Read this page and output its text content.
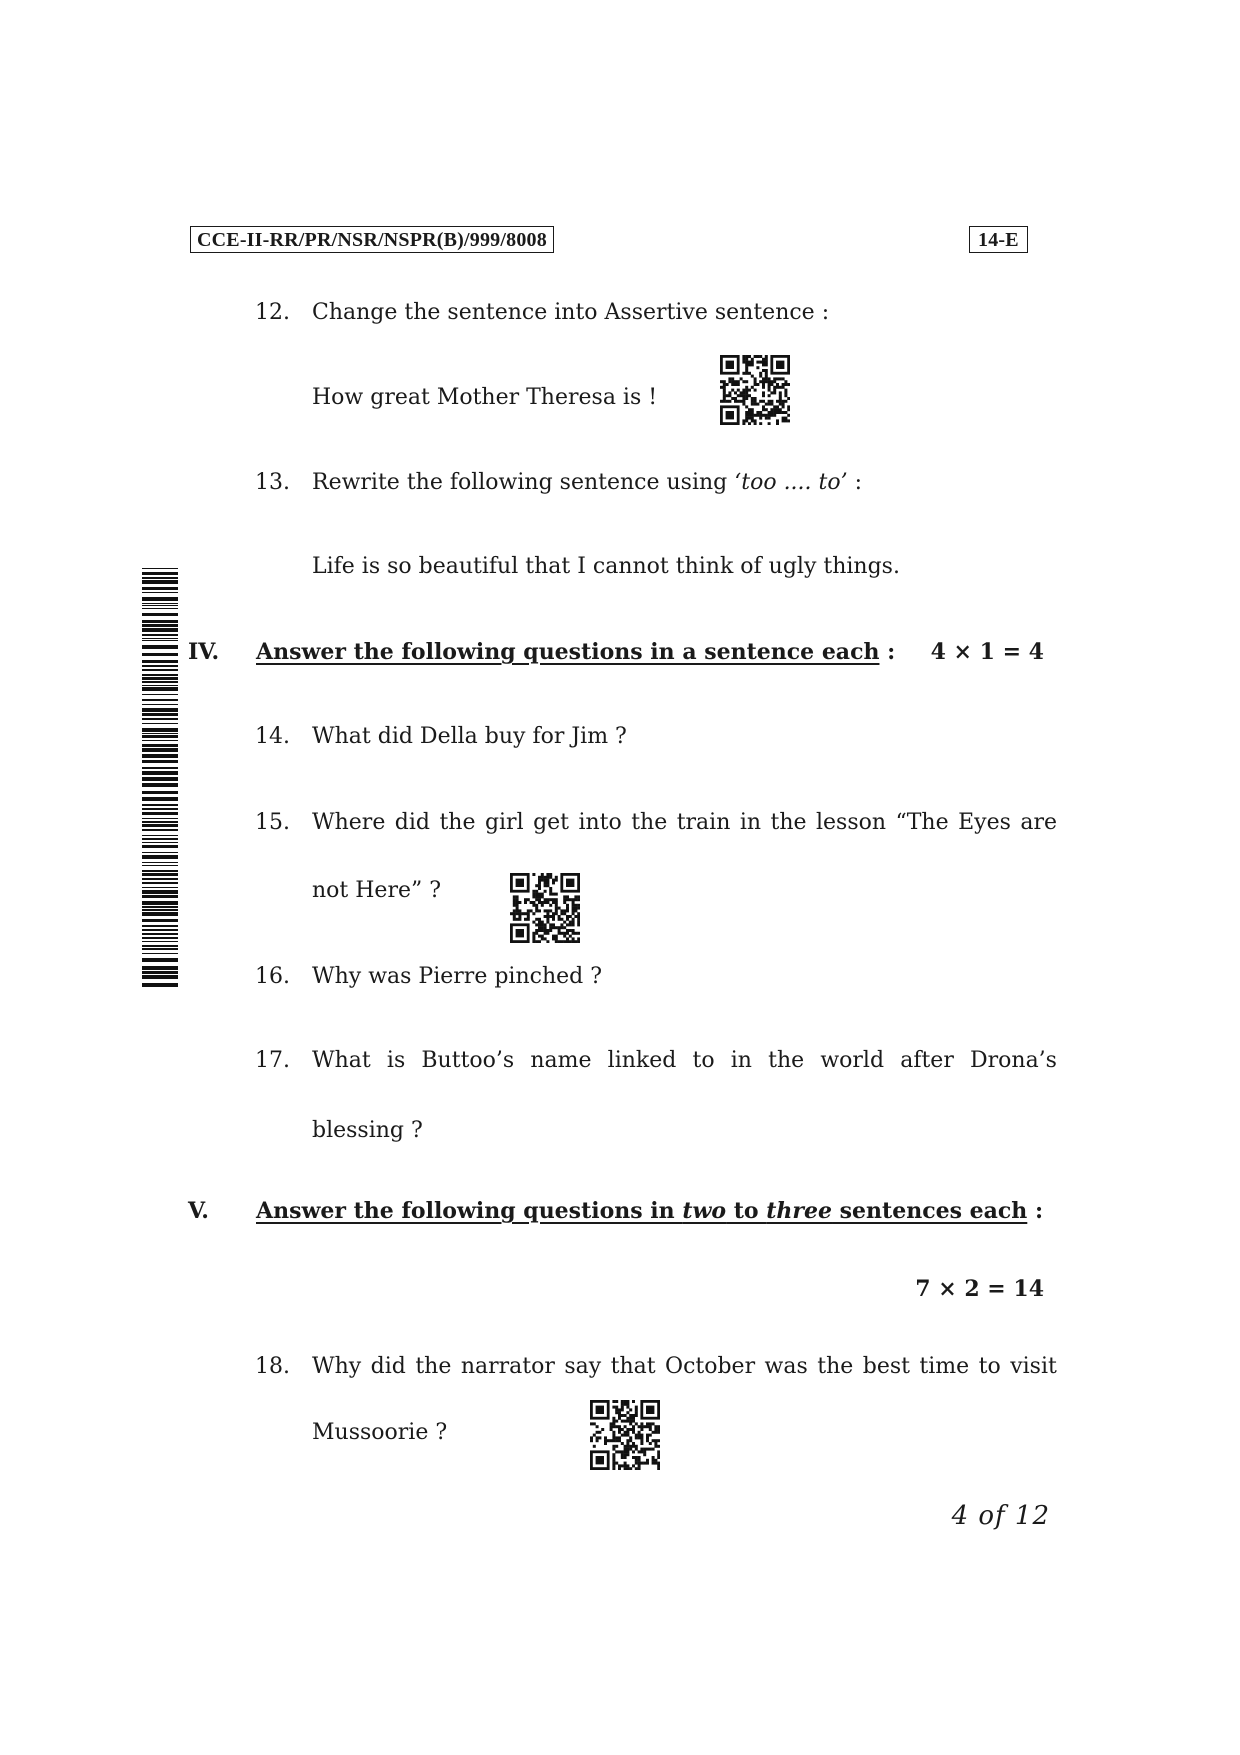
CCE-II-RR/PR/NSR/NSPR(B)/999/8008	14-E
12. Change the sentence into Assertive sentence :
How great Mother Theresa is !
13. Rewrite the following sentence using ‘too .... to’ :
Life is so beautiful that I cannot think of ugly things.
IV. Answer the following questions in a sentence each : 4 × 1 = 4
14. What did Della buy for Jim ?
15. Where did the girl get into the train in the lesson “The Eyes are
not Here” ?
16. Why was Pierre pinched ?
17. What is Buttoo’s name linked to in the world after Drona’s
blessing ?
V. Answer the following questions in two to three sentences each :
7 × 2 = 14
18. Why did the narrator say that October was the best time to visit
Mussoorie ?
4 of 12
